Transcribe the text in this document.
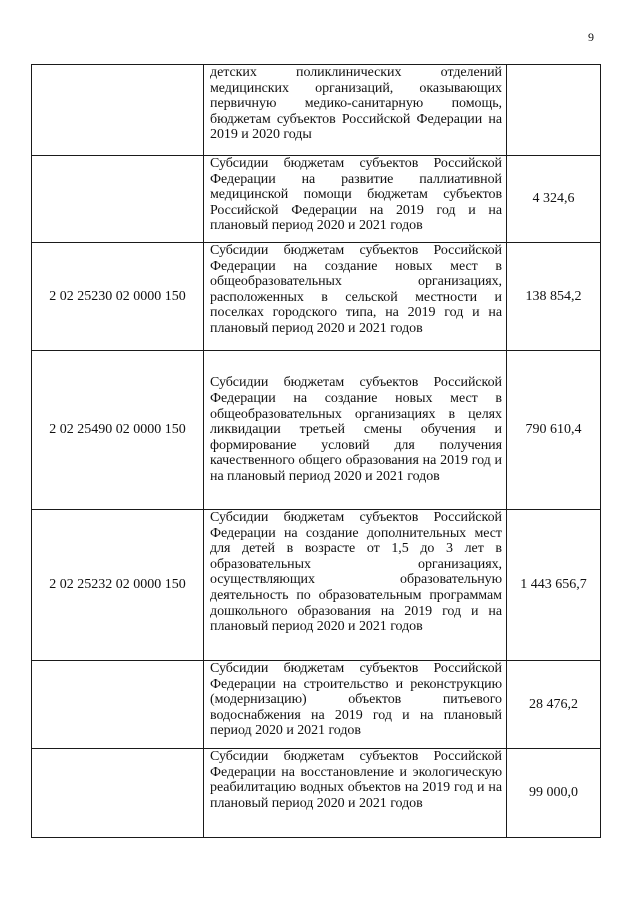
9
	детских поликлинических отделений медицинских организаций, оказывающих первичную медико-санитарную помощь, бюджетам субъектов Российской Федерации на 2019 и 2020 годы	
	Субсидии бюджетам субъектов Российской Федерации на развитие паллиативной медицинской помощи бюджетам субъектов Российской Федерации на 2019 год и на плановый период 2020 и 2021 годов	4 324,6
2 02 25230 02 0000 150	Субсидии бюджетам субъектов Российской Федерации на создание новых мест в общеобразовательных организациях, расположенных в сельской местности и поселках городского типа, на 2019 год и на плановый период 2020 и 2021 годов	138 854,2
2 02 25490 02 0000 150	Субсидии бюджетам субъектов Российской Федерации на создание новых мест в общеобразовательных организациях в целях ликвидации третьей смены обучения и формирование условий для получения качественного общего образования на 2019 год и на плановый период 2020 и 2021 годов	790 610,4
2 02 25232 02 0000 150	Субсидии бюджетам субъектов Российской Федерации на создание дополнительных мест для детей в возрасте от 1,5 до 3 лет в образовательных организациях, осуществляющих образовательную деятельность по образовательным программам дошкольного образования на 2019 год и на плановый период 2020 и 2021 годов	1 443 656,7
	Субсидии бюджетам субъектов Российской Федерации на строительство и реконструкцию (модернизацию) объектов питьевого водоснабжения на 2019 год и на плановый период 2020 и 2021 годов	28 476,2
	Субсидии бюджетам субъектов Российской Федерации на восстановление и экологическую реабилитацию водных объектов на 2019 год и на плановый период 2020 и 2021 годов	99 000,0
